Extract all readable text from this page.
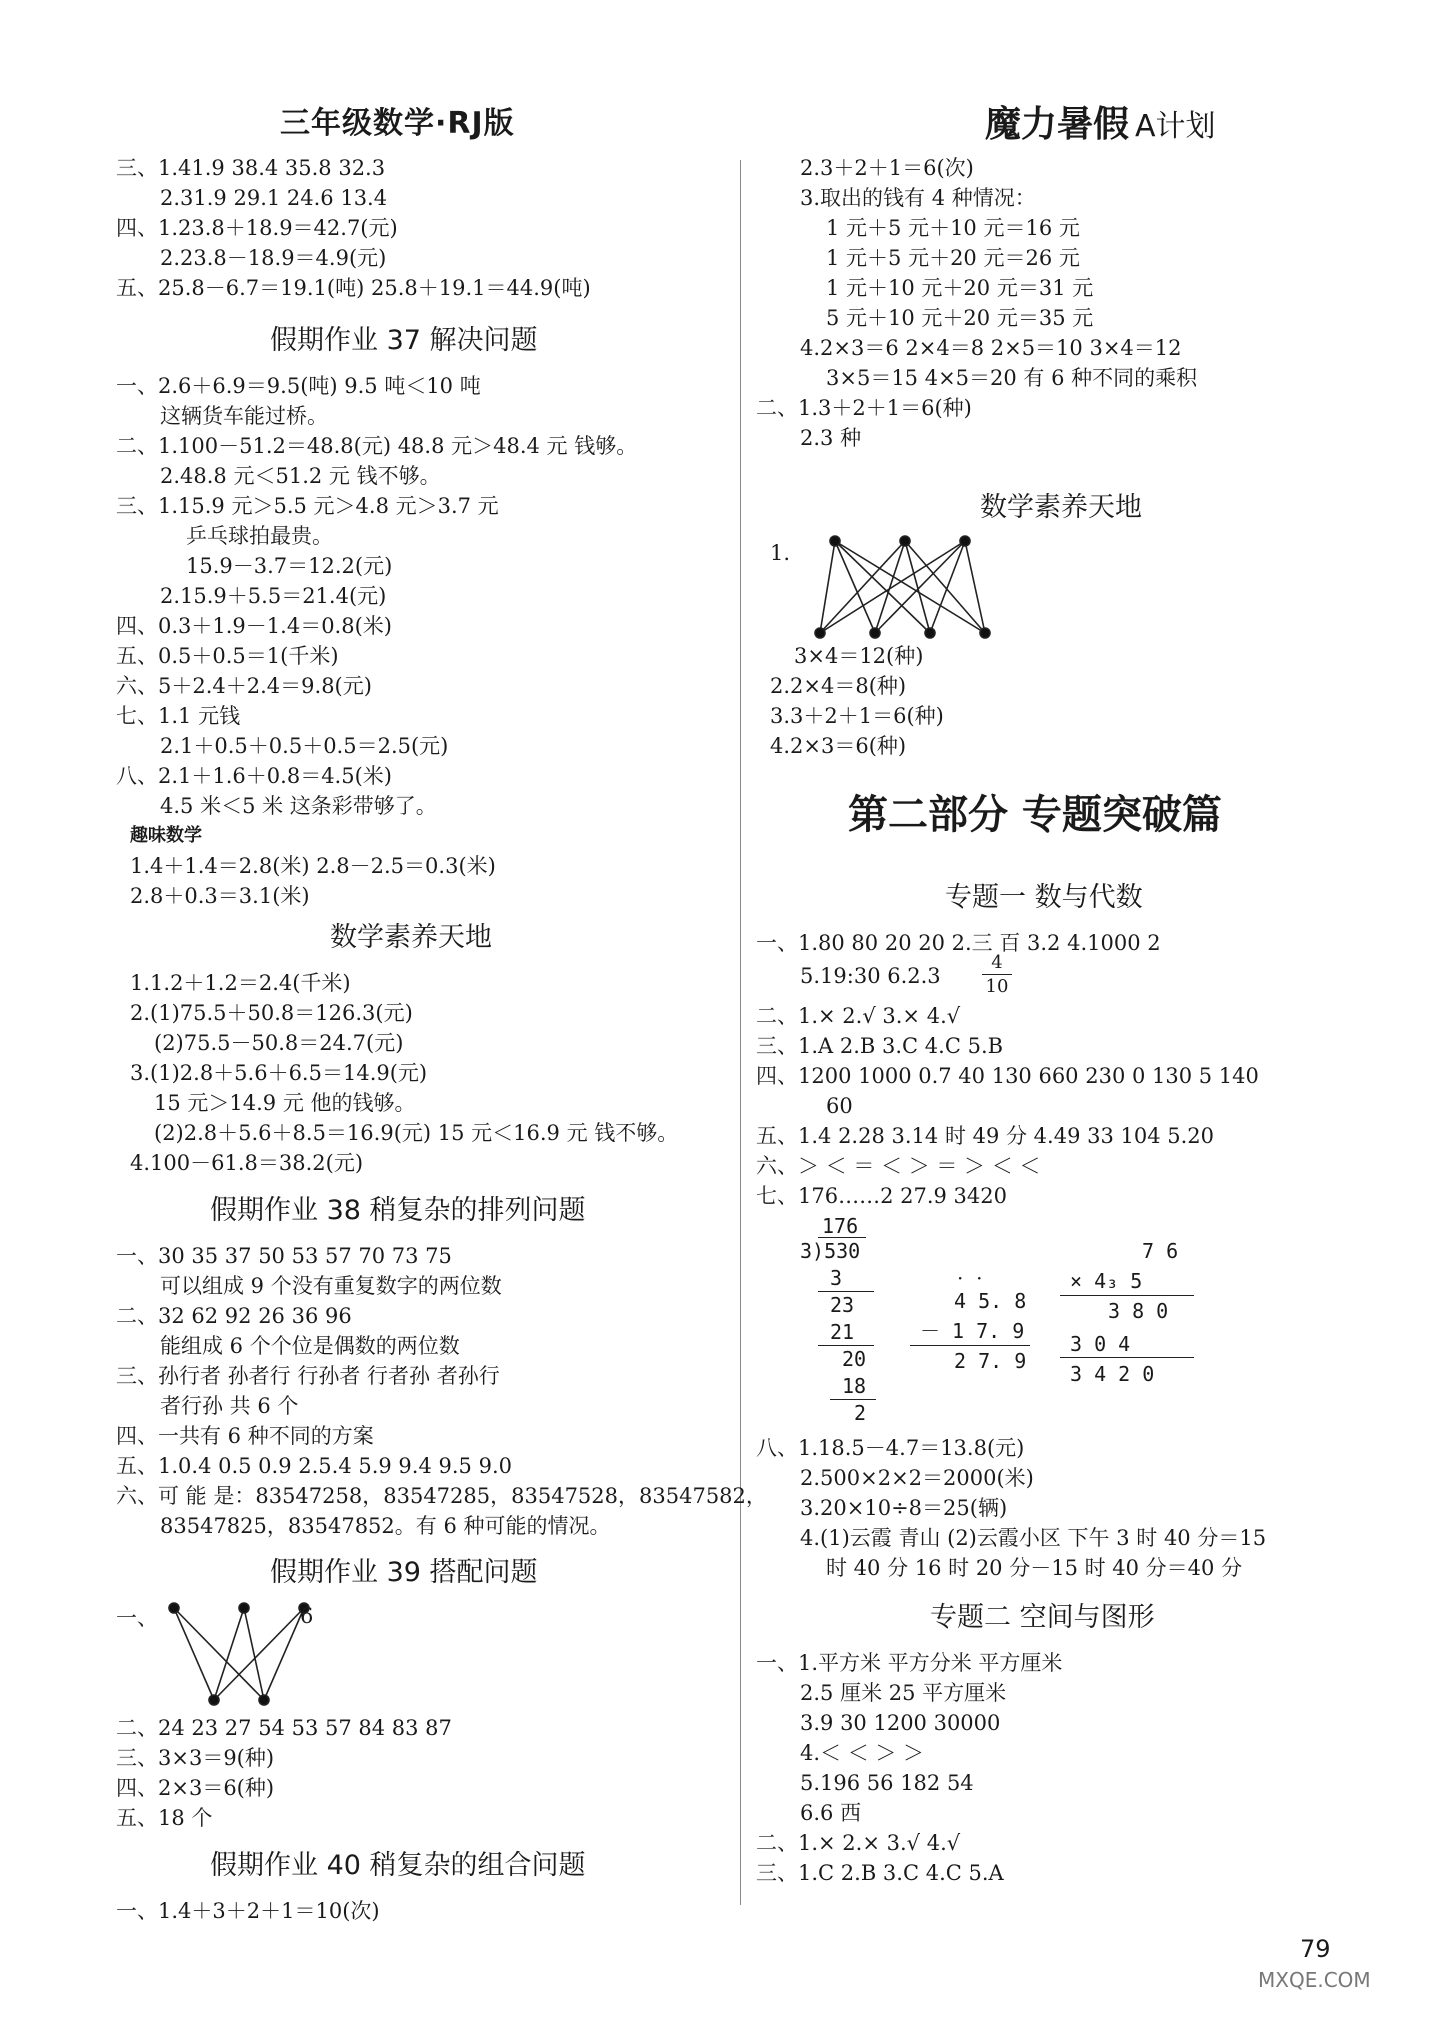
三年级数学·RJ版	魔力暑假 A计划
三、1.41.9 38.4 35.8 32.3
2.31.9 29.1 24.6 13.4
四、1.23.8＋18.9＝42.7(元)
2.23.8－18.9＝4.9(元)
五、25.8－6.7＝19.1(吨) 25.8＋19.1＝44.9(吨)
假期作业 37 解决问题
一、2.6＋6.9＝9.5(吨) 9.5 吨＜10 吨
这辆货车能过桥。
二、1.100－51.2＝48.8(元) 48.8 元＞48.4 元 钱够。
2.48.8 元＜51.2 元 钱不够。
三、1.15.9 元＞5.5 元＞4.8 元＞3.7 元
乒乓球拍最贵。
15.9－3.7＝12.2(元)
2.15.9＋5.5＝21.4(元)
四、0.3＋1.9－1.4＝0.8(米)
五、0.5＋0.5＝1(千米)
六、5＋2.4＋2.4＝9.8(元)
七、1.1 元钱
2.1＋0.5＋0.5＋0.5＝2.5(元)
八、2.1＋1.6＋0.8＝4.5(米)
4.5 米＜5 米 这条彩带够了。
趣味数学
1.4＋1.4＝2.8(米) 2.8－2.5＝0.3(米)
2.8＋0.3＝3.1(米)
数学素养天地
1.1.2＋1.2＝2.4(千米)
2.(1)75.5＋50.8＝126.3(元)
(2)75.5－50.8＝24.7(元)
3.(1)2.8＋5.6＋6.5＝14.9(元)
15 元＞14.9 元 他的钱够。
(2)2.8＋5.6＋8.5＝16.9(元) 15 元＜16.9 元 钱不够。
4.100－61.8＝38.2(元)
假期作业 38 稍复杂的排列问题
一、30 35 37 50 53 57 70 73 75
可以组成 9 个没有重复数字的两位数
二、32 62 92 26 36 96
能组成 6 个个位是偶数的两位数
三、孙行者 孙者行 行孙者 行者孙 者孙行
者行孙 共 6 个
四、一共有 6 种不同的方案
五、1.0.4 0.5 0.9 2.5.4 5.9 9.4 9.5 9.0
六、可 能 是：83547258，83547285，83547528，83547582，
83547825，83547852。有 6 种可能的情况。
假期作业 39 搭配问题
一、	6
二、24 23 27 54 53 57 84 83 87
三、3×3＝9(种)
四、2×3＝6(种)
五、18 个
假期作业 40 稍复杂的组合问题
一、1.4＋3＋2＋1＝10(次)
2.3＋2＋1＝6(次)
3.取出的钱有 4 种情况：
1 元＋5 元＋10 元＝16 元
1 元＋5 元＋20 元＝26 元
1 元＋10 元＋20 元＝31 元
5 元＋10 元＋20 元＝35 元
4.2×3＝6 2×4＝8 2×5＝10 3×4＝12
3×5＝15 4×5＝20 有 6 种不同的乘积
二、1.3＋2＋1＝6(种)
2.3 种
数学素养天地
1.
3×4＝12(种)
2.2×4＝8(种)
3.3＋2＋1＝6(种)
4.2×3＝6(种)
第二部分 专题突破篇
专题一 数与代数
一、1.80 80 20 20 2.三 百 3.2 4.1000 2
5.19:30 6.2.3
4
10
二、1.× 2.√ 3.× 4.√
三、1.A 2.B 3.C 4.C 5.B
四、1200 1000 0.7 40 130 660 230 0 130 5 140
60
五、1.4 2.28 3.14 时 49 分 4.49 33 104 5.20
六、＞ ＜ ＝ ＜ ＞ ＝ ＞ ＜ ＜
七、176……2 27.9 3420
176
3)530
3
23
21
20
18
2
·  ·
4 5. 8
－ 1 7. 9
2 7. 9
7 6
× 4₃ 5
3 8 0
3 0 4
3 4 2 0
八、1.18.5－4.7＝13.8(元)
2.500×2×2＝2000(米)
3.20×10÷8＝25(辆)
4.(1)云霞 青山 (2)云霞小区 下午 3 时 40 分＝15
时 40 分 16 时 20 分－15 时 40 分＝40 分
专题二 空间与图形
一、1.平方米 平方分米 平方厘米
2.5 厘米 25 平方厘米
3.9 30 1200 30000
4.＜ ＜ ＞ ＞
5.196 56 182 54
6.6 西
二、1.× 2.× 3.√ 4.√
三、1.C 2.B 3.C 4.C 5.A
79
MXQE.COM
